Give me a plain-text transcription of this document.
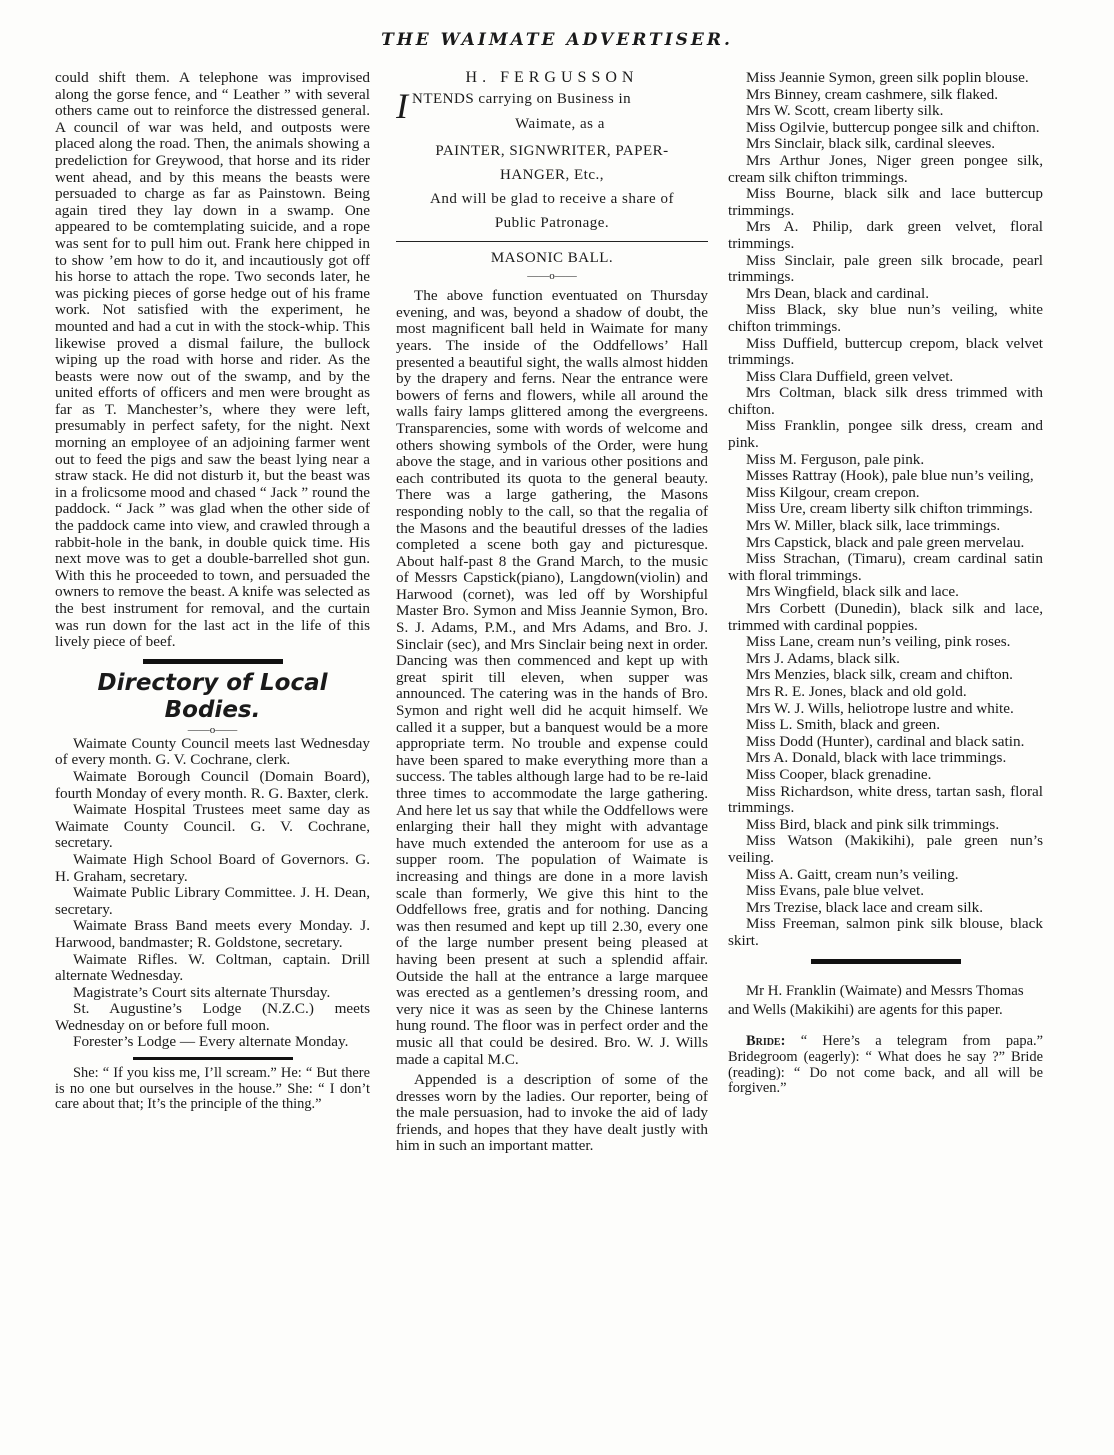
THE WAIMATE ADVERTISER.

could shift them. A telephone was improvised along the gorse fence, and “ Leather ” with several others came out to reinforce the distressed general. A council of war was held, and outposts were placed along the road. Then, the animals showing a predeliction for Greywood, that horse and its rider went ahead, and by this means the beasts were persuaded to charge as far as Painstown. Being again tired they lay down in a swamp. One appeared to be comtemplating suicide, and a rope was sent for to pull him out. Frank here chipped in to show ’em how to do it, and incautiously got off his horse to attach the rope. Two seconds later, he was picking pieces of gorse hedge out of his frame work. Not satisfied with the experiment, he mounted and had a cut in with the stock-whip. This likewise proved a dismal failure, the bullock wiping up the road with horse and rider. As the beasts were now out of the swamp, and by the united efforts of officers and men were brought as far as T. Manchester’s, where they were left, presumably in perfect safety, for the night. Next morning an employee of an adjoining farmer went out to feed the pigs and saw the beast lying near a straw stack. He did not disturb it, but the beast was in a frolicsome mood and chased “ Jack ” round the paddock. “ Jack ” was glad when the other side of the paddock came into view, and crawled through a rabbit-hole in the bank, in double quick time. His next move was to get a double-barrelled shot gun. With this he proceeded to town, and persuaded the owners to remove the beast. A knife was selected as the best instrument for removal, and the curtain was run down for the last act in the life of this lively piece of beef.

Directory of Local Bodies.
——o——

Waimate County Council meets last Wednesday of every month. G. V. Cochrane, clerk.

Waimate Borough Council (Domain Board), fourth Monday of every month. R. G. Baxter, clerk.

Waimate Hospital Trustees meet same day as Waimate County Council. G. V. Cochrane, secretary.

Waimate High School Board of Governors. G. H. Graham, secretary.

Waimate Public Library Committee. J. H. Dean, secretary.

Waimate Brass Band meets every Monday. J. Harwood, bandmaster; R. Goldstone, secretary.

Waimate Rifles. W. Coltman, captain. Drill alternate Wednesday.

Magistrate’s Court sits alternate Thursday.

St. Augustine’s Lodge (N.Z.C.) meets Wednesday on or before full moon.

Forester’s Lodge — Every alternate Monday.

She: “ If you kiss me, I’ll scream.” He: “ But there is no one but ourselves in the house.” She: “ I don’t care about that; It’s the principle of the thing.”

H. FERGUSSON
I NTENDS carrying on Business in
Waimate, as a
PAINTER, SIGNWRITER, PAPER-HANGER, Etc.,
And will be glad to receive a share of
Public Patronage.
MASONIC BALL.
——o——

The above function eventuated on Thursday evening, and was, beyond a shadow of doubt, the most magnificent ball held in Waimate for many years. The inside of the Oddfellows’ Hall presented a beautiful sight, the walls almost hidden by the drapery and ferns. Near the entrance were bowers of ferns and flowers, while all around the walls fairy lamps glittered among the evergreens. Transparencies, some with words of welcome and others showing symbols of the Order, were hung above the stage, and in various other positions and each contributed its quota to the general beauty. There was a large gathering, the Masons responding nobly to the call, so that the regalia of the Masons and the beautiful dresses of the ladies completed a scene both gay and picturesque. About half-past 8 the Grand March, to the music of Messrs Capstick(piano), Langdown(violin) and Harwood (cornet), was led off by Worshipful Master Bro. Symon and Miss Jeannie Symon, Bro. S. J. Adams, P.M., and Mrs Adams, and Bro. J. Sinclair (sec), and Mrs Sinclair being next in order. Dancing was then commenced and kept up with great spirit till eleven, when supper was announced. The catering was in the hands of Bro. Symon and right well did he acquit himself. We called it a supper, but a banquest would be a more appropriate term. No trouble and expense could have been spared to make everything more than a success. The tables although large had to be re-laid three times to accommodate the large gathering. And here let us say that while the Oddfellows were enlarging their hall they might with advantage have much extended the anteroom for use as a supper room. The population of Waimate is increasing and things are done in a more lavish scale than formerly, We give this hint to the Oddfellows free, gratis and for nothing. Dancing was then resumed and kept up till 2.30, every one of the large number present being pleased at having been present at such a splendid affair. Outside the hall at the entrance a large marquee was erected as a gentlemen’s dressing room, and very nice it was as seen by the Chinese lanterns hung round. The floor was in perfect order and the music all that could be desired. Bro. W. J. Wills made a capital M.C.

Appended is a description of some of the dresses worn by the ladies. Our reporter, being of the male persuasion, had to invoke the aid of lady friends, and hopes that they have dealt justly with him in such an important matter.

Miss Jeannie Symon, green silk poplin blouse.

Mrs Binney, cream cashmere, silk flaked.

Mrs W. Scott, cream liberty silk.

Miss Ogilvie, buttercup pongee silk and chifton.

Mrs Sinclair, black silk, cardinal sleeves.

Mrs Arthur Jones, Niger green pongee silk, cream silk chifton trimmings.

Miss Bourne, black silk and lace buttercup trimmings.

Mrs A. Philip, dark green velvet, floral trimmings.

Miss Sinclair, pale green silk brocade, pearl trimmings.

Mrs Dean, black and cardinal.

Miss Black, sky blue nun’s veiling, white chifton trimmings.

Miss Duffield, buttercup crepom, black velvet trimmings.

Miss Clara Duffield, green velvet.

Mrs Coltman, black silk dress trimmed with chifton.

Miss Franklin, pongee silk dress, cream and pink.

Miss M. Ferguson, pale pink.

Misses Rattray (Hook), pale blue nun’s veiling,

Miss Kilgour, cream crepon.

Miss Ure, cream liberty silk chifton trimmings.

Mrs W. Miller, black silk, lace trimmings.

Mrs Capstick, black and pale green mervelau.

Miss Strachan, (Timaru), cream cardinal satin with floral trimmings.

Mrs Wingfield, black silk and lace.

Mrs Corbett (Dunedin), black silk and lace, trimmed with cardinal poppies.

Miss Lane, cream nun’s veiling, pink roses.

Mrs J. Adams, black silk.

Mrs Menzies, black silk, cream and chifton.

Mrs R. E. Jones, black and old gold.

Mrs W. J. Wills, heliotrope lustre and white.

Miss L. Smith, black and green.

Miss Dodd (Hunter), cardinal and black satin.

Mrs A. Donald, black with lace trimmings.

Miss Cooper, black grenadine.

Miss Richardson, white dress, tartan sash, floral trimmings.

Miss Bird, black and pink silk trimmings.

Miss Watson (Makikihi), pale green nun’s veiling.

Miss A. Gaitt, cream nun’s veiling.

Miss Evans, pale blue velvet.

Mrs Trezise, black lace and cream silk.

Miss Freeman, salmon pink silk blouse, black skirt.

Mr H. Franklin (Waimate) and Messrs Thomas and Wells (Makikihi) are agents for this paper.

Bride: “ Here’s a telegram from papa.” Bridegroom (eagerly): “ What does he say ?” Bride (reading): “ Do not come back, and all will be forgiven.”
